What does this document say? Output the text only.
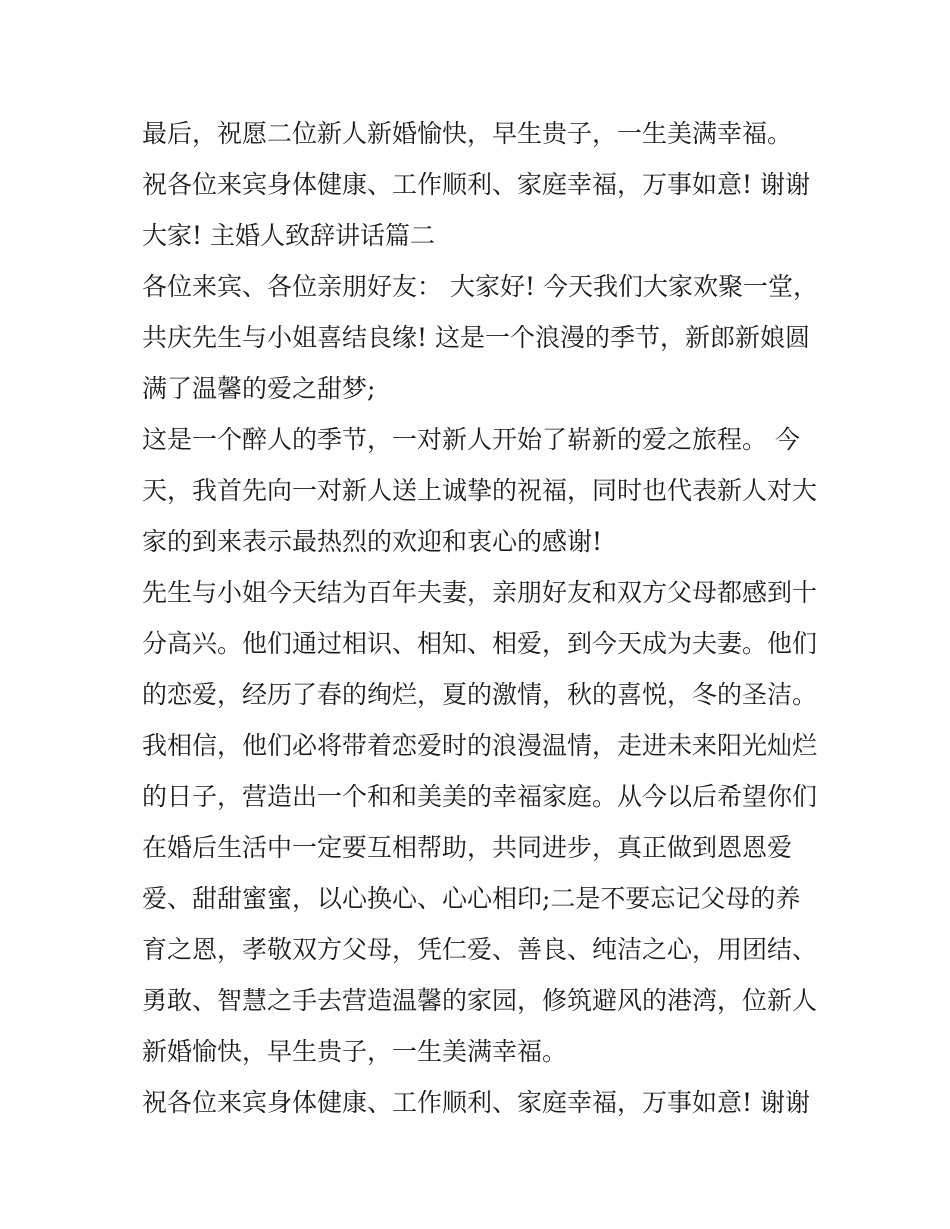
最后，祝愿二位新人新婚愉快，早生贵子，一生美满幸福。
祝各位来宾身体健康、工作顺利、家庭幸福，万事如意! 谢谢
大家! 主婚人致辞讲话篇二
各位来宾、各位亲朋好友： 大家好! 今天我们大家欢聚一堂，
共庆先生与小姐喜结良缘! 这是一个浪漫的季节，新郎新娘圆
满了温馨的爱之甜梦;
这是一个醉人的季节，一对新人开始了崭新的爱之旅程。 今
天，我首先向一对新人送上诚挚的祝福，同时也代表新人对大
家的到来表示最热烈的欢迎和衷心的感谢!
先生与小姐今天结为百年夫妻，亲朋好友和双方父母都感到十
分高兴。他们通过相识、相知、相爱，到今天成为夫妻。他们
的恋爱，经历了春的绚烂，夏的激情，秋的喜悦，冬的圣洁。
我相信，他们必将带着恋爱时的浪漫温情，走进未来阳光灿烂
的日子，营造出一个和和美美的幸福家庭。从今以后希望你们
在婚后生活中一定要互相帮助，共同进步，真正做到恩恩爱
爱、甜甜蜜蜜，以心换心、心心相印;二是不要忘记父母的养
育之恩，孝敬双方父母，凭仁爱、善良、纯洁之心，用团结、
勇敢、智慧之手去营造温馨的家园，修筑避风的港湾，位新人
新婚愉快，早生贵子，一生美满幸福。
祝各位来宾身体健康、工作顺利、家庭幸福，万事如意! 谢谢
